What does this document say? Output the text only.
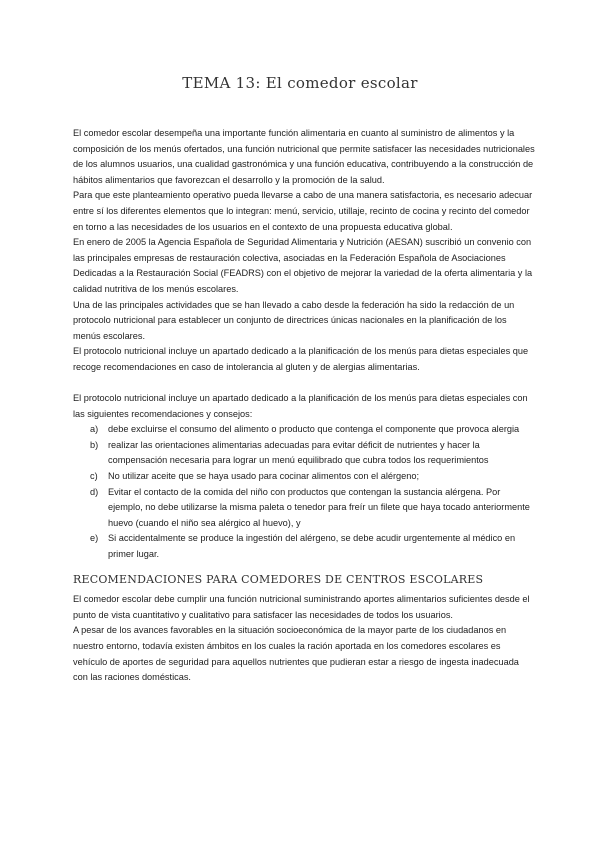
TEMA 13: El comedor escolar

El comedor escolar desempeña una importante función alimentaria en cuanto al suministro de alimentos y la composición de los menús ofertados, una función nutricional que permite satisfacer las necesidades nutricionales de los alumnos usuarios, una cualidad gastronómica y una función educativa, contribuyendo a la construcción de hábitos alimentarios que favorezcan el desarrollo y la promoción de la salud.

Para que este planteamiento operativo pueda llevarse a cabo de una manera satisfactoria, es necesario adecuar entre sí los diferentes elementos que lo integran: menú, servicio, utillaje, recinto de cocina y recinto del comedor en torno a las necesidades de los usuarios en el contexto de una propuesta educativa global.

En enero de 2005 la Agencia Española de Seguridad Alimentaria y Nutrición (AESAN) suscribió un convenio con las principales empresas de restauración colectiva, asociadas en la Federación Española de Asociaciones Dedicadas a la Restauración Social (FEADRS) con el objetivo de mejorar la variedad de la oferta alimentaria y la calidad nutritiva de los menús escolares.

Una de las principales actividades que se han llevado a cabo desde la federación ha sido la redacción de un protocolo nutricional para establecer un conjunto de directrices únicas nacionales en la planificación de los menús escolares.

El protocolo nutricional incluye un apartado dedicado a la planificación de los menús para dietas especiales que recoge recomendaciones en caso de intolerancia al gluten y de alergias alimentarias.

El protocolo nutricional incluye un apartado dedicado a la planificación de los menús para dietas especiales con las siguientes recomendaciones y consejos:

a) debe excluirse el consumo del alimento o producto que contenga el componente que provoca alergia
b) realizar las orientaciones alimentarias adecuadas para evitar déficit de nutrientes y hacer la compensación necesaria para lograr un menú equilibrado que cubra todos los requerimientos
c) No utilizar aceite que se haya usado para cocinar alimentos con el alérgeno;
d) Evitar el contacto de la comida del niño con productos que contengan la sustancia alérgena. Por ejemplo, no debe utilizarse la misma paleta o tenedor para freír un filete que haya tocado anteriormente huevo (cuando el niño sea alérgico al huevo), y
e) Si accidentalmente se produce la ingestión del alérgeno, se debe acudir urgentemente al médico en primer lugar.
RECOMENDACIONES PARA COMEDORES DE CENTROS ESCOLARES

El comedor escolar debe cumplir una función nutricional suministrando aportes alimentarios suficientes desde el punto de vista cuantitativo y cualitativo para satisfacer las necesidades de todos los usuarios.

A pesar de los avances favorables en la situación socioeconómica de la mayor parte de los ciudadanos en nuestro entorno, todavía existen ámbitos en los cuales la ración aportada en los comedores escolares es vehículo de aportes de seguridad para aquellos nutrientes que pudieran estar a riesgo de ingesta inadecuada con las raciones domésticas.
